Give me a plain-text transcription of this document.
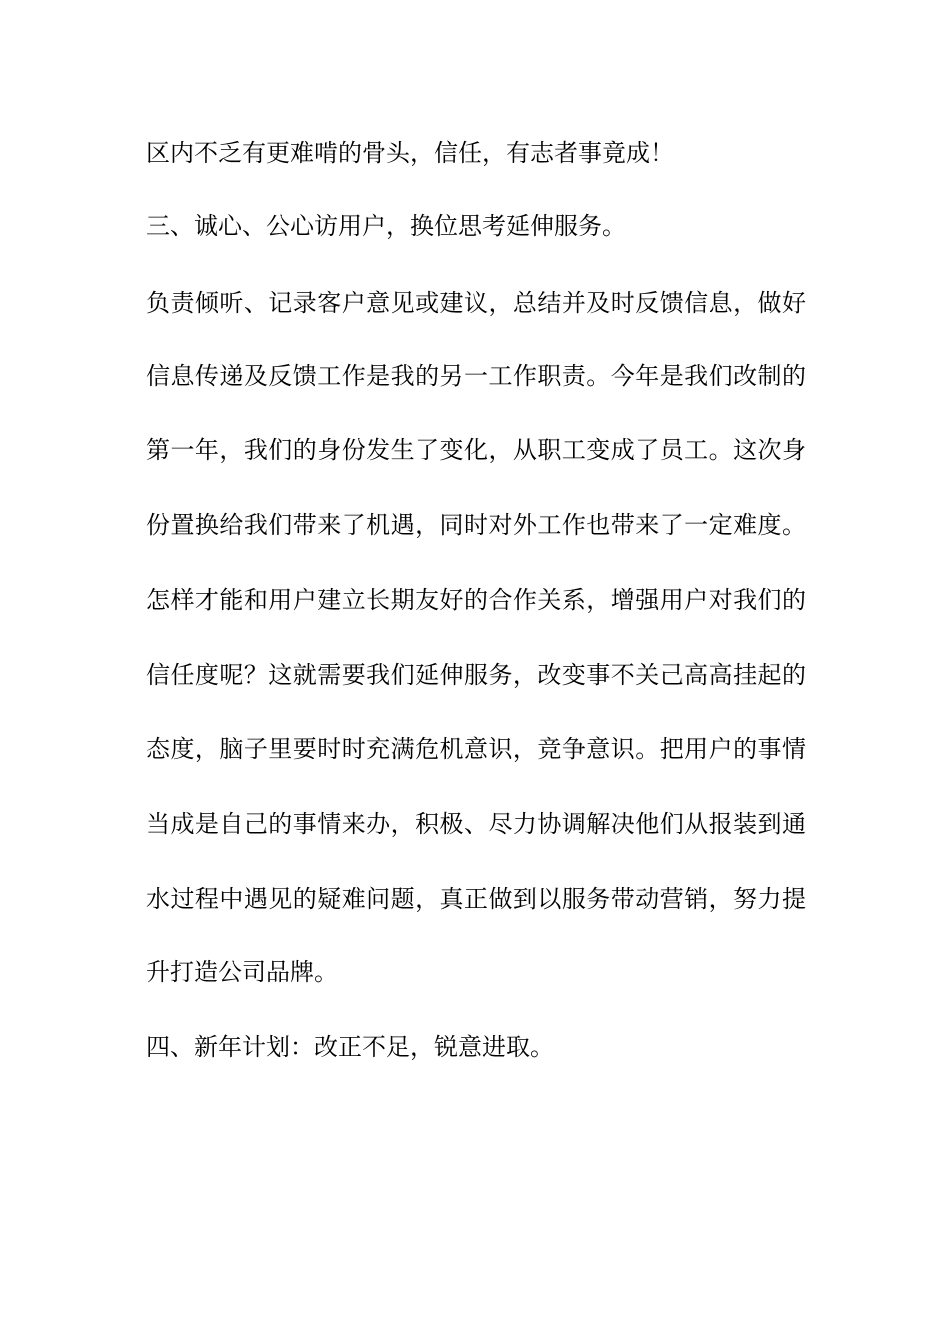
区内不乏有更难啃的骨头，信任，有志者事竟成！

三、诚心、公心访用户，换位思考延伸服务。

负责倾听、记录客户意见或建议，总结并及时反馈信息，做好

信息传递及反馈工作是我的另一工作职责。今年是我们改制的

第一年，我们的身份发生了变化，从职工变成了员工。这次身

份置换给我们带来了机遇，同时对外工作也带来了一定难度。

怎样才能和用户建立长期友好的合作关系，增强用户对我们的

信任度呢？这就需要我们延伸服务，改变事不关己高高挂起的

态度，脑子里要时时充满危机意识，竞争意识。把用户的事情

当成是自己的事情来办，积极、尽力协调解决他们从报装到通

水过程中遇见的疑难问题，真正做到以服务带动营销，努力提

升打造公司品牌。

四、新年计划：改正不足，锐意进取。
